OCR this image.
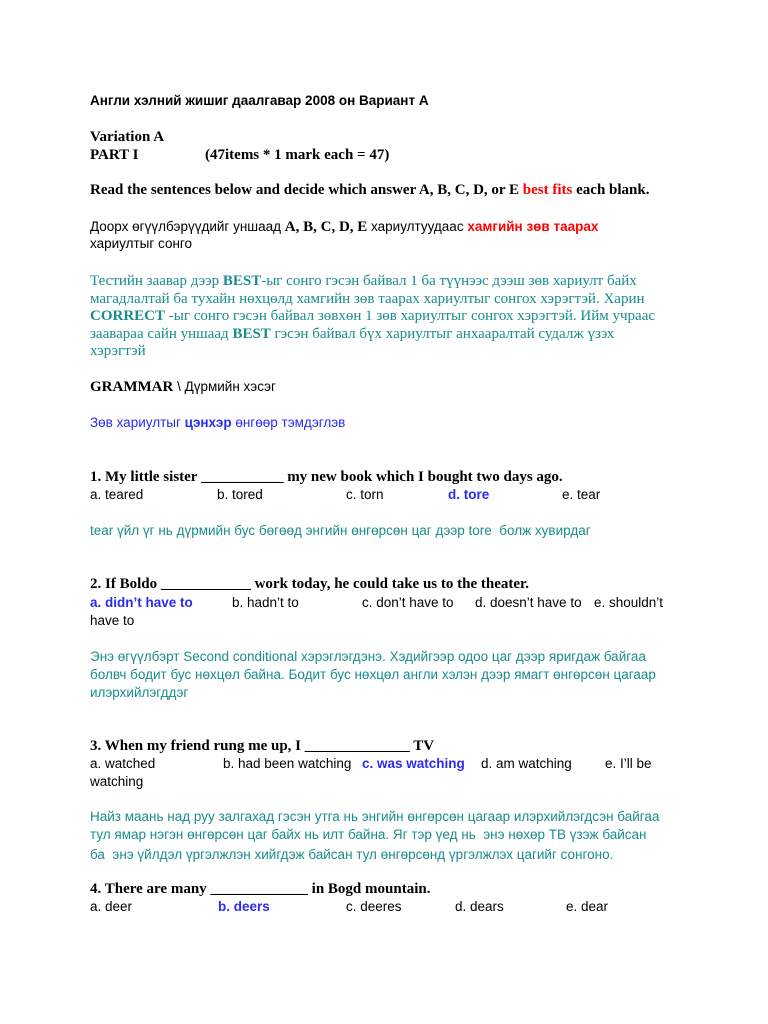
Англи хэлний жишиг даалгавар 2008 он Вариант А
Variation A
PART I	(47items * 1 mark each = 47)
Read the sentences below and decide which answer A, B, C, D, or E best fits each blank.
Доорх өгүүлбэрүүдийг уншаад A, B, C, D, E хариултуудаас хамгийн зөв таарах
хариултыг сонго
Тестийн заавар дээр BEST-ыг сонго гэсэн байвал 1 ба түүнээс дээш зөв хариулт байх
магадлалтай ба тухайн нөхцөлд хамгийн зөв таарах хариултыг сонгох хэрэгтэй. Харин
CORRECT -ыг сонго гэсэн байвал зөвхөн 1 зөв хариултыг сонгох хэрэгтэй. Ийм учраас
заавараа сайн уншаад BEST гэсэн байвал бүх хариултыг анхааралтай судалж үзэх
хэрэгтэй
GRAMMAR \ Дүрмийн хэсэг
Зөв хариултыг цэнхэр өнгөөр тэмдэглэв
1. My little sister ___________ my new book which I bought two days ago.
a. teared	b. tored	c. torn	d. tore	e. tear
tear үйл үг нь дүрмийн бус бөгөөд энгийн өнгөрсөн цаг дээр tore  болж хувирдаг
2. If Boldo ____________ work today, he could take us to the theater.
a. didn’t have to	b. hadn’t to	c. don’t have to d. doesn’t have to e. shouldn’t
have to
Энэ өгүүлбэрт Second conditional хэрэглэгдэнэ. Хэдийгээр одоо цаг дээр яригдаж байгаа
болвч бодит бус нөхцөл байна. Бодит бус нөхцөл англи хэлэн дээр ямагт өнгөрсөн цагаар
илэрхийлэгддэг
3. When my friend rung me up, I ______________ TV
a. watched	b. had been watching c. was watching d. am watching e. I’ll be
watching
Найз маань над руу залгахад гэсэн утга нь энгийн өнгөрсөн цагаар илэрхийлэгдсэн байгаа
тул ямар нэгэн өнгөрсөн цаг байх нь илт байна. Яг тэр үед нь  энэ нөхөр ТВ үзэж байсан
ба  энэ үйлдэл үргэлжлэн хийгдэж байсан тул өнгөрсөнд үргэлжлэх цагийг сонгоно.
4. There are many _____________ in Bogd mountain.
a. deer	b. deers	c. deeres	d. dears	e. dear
